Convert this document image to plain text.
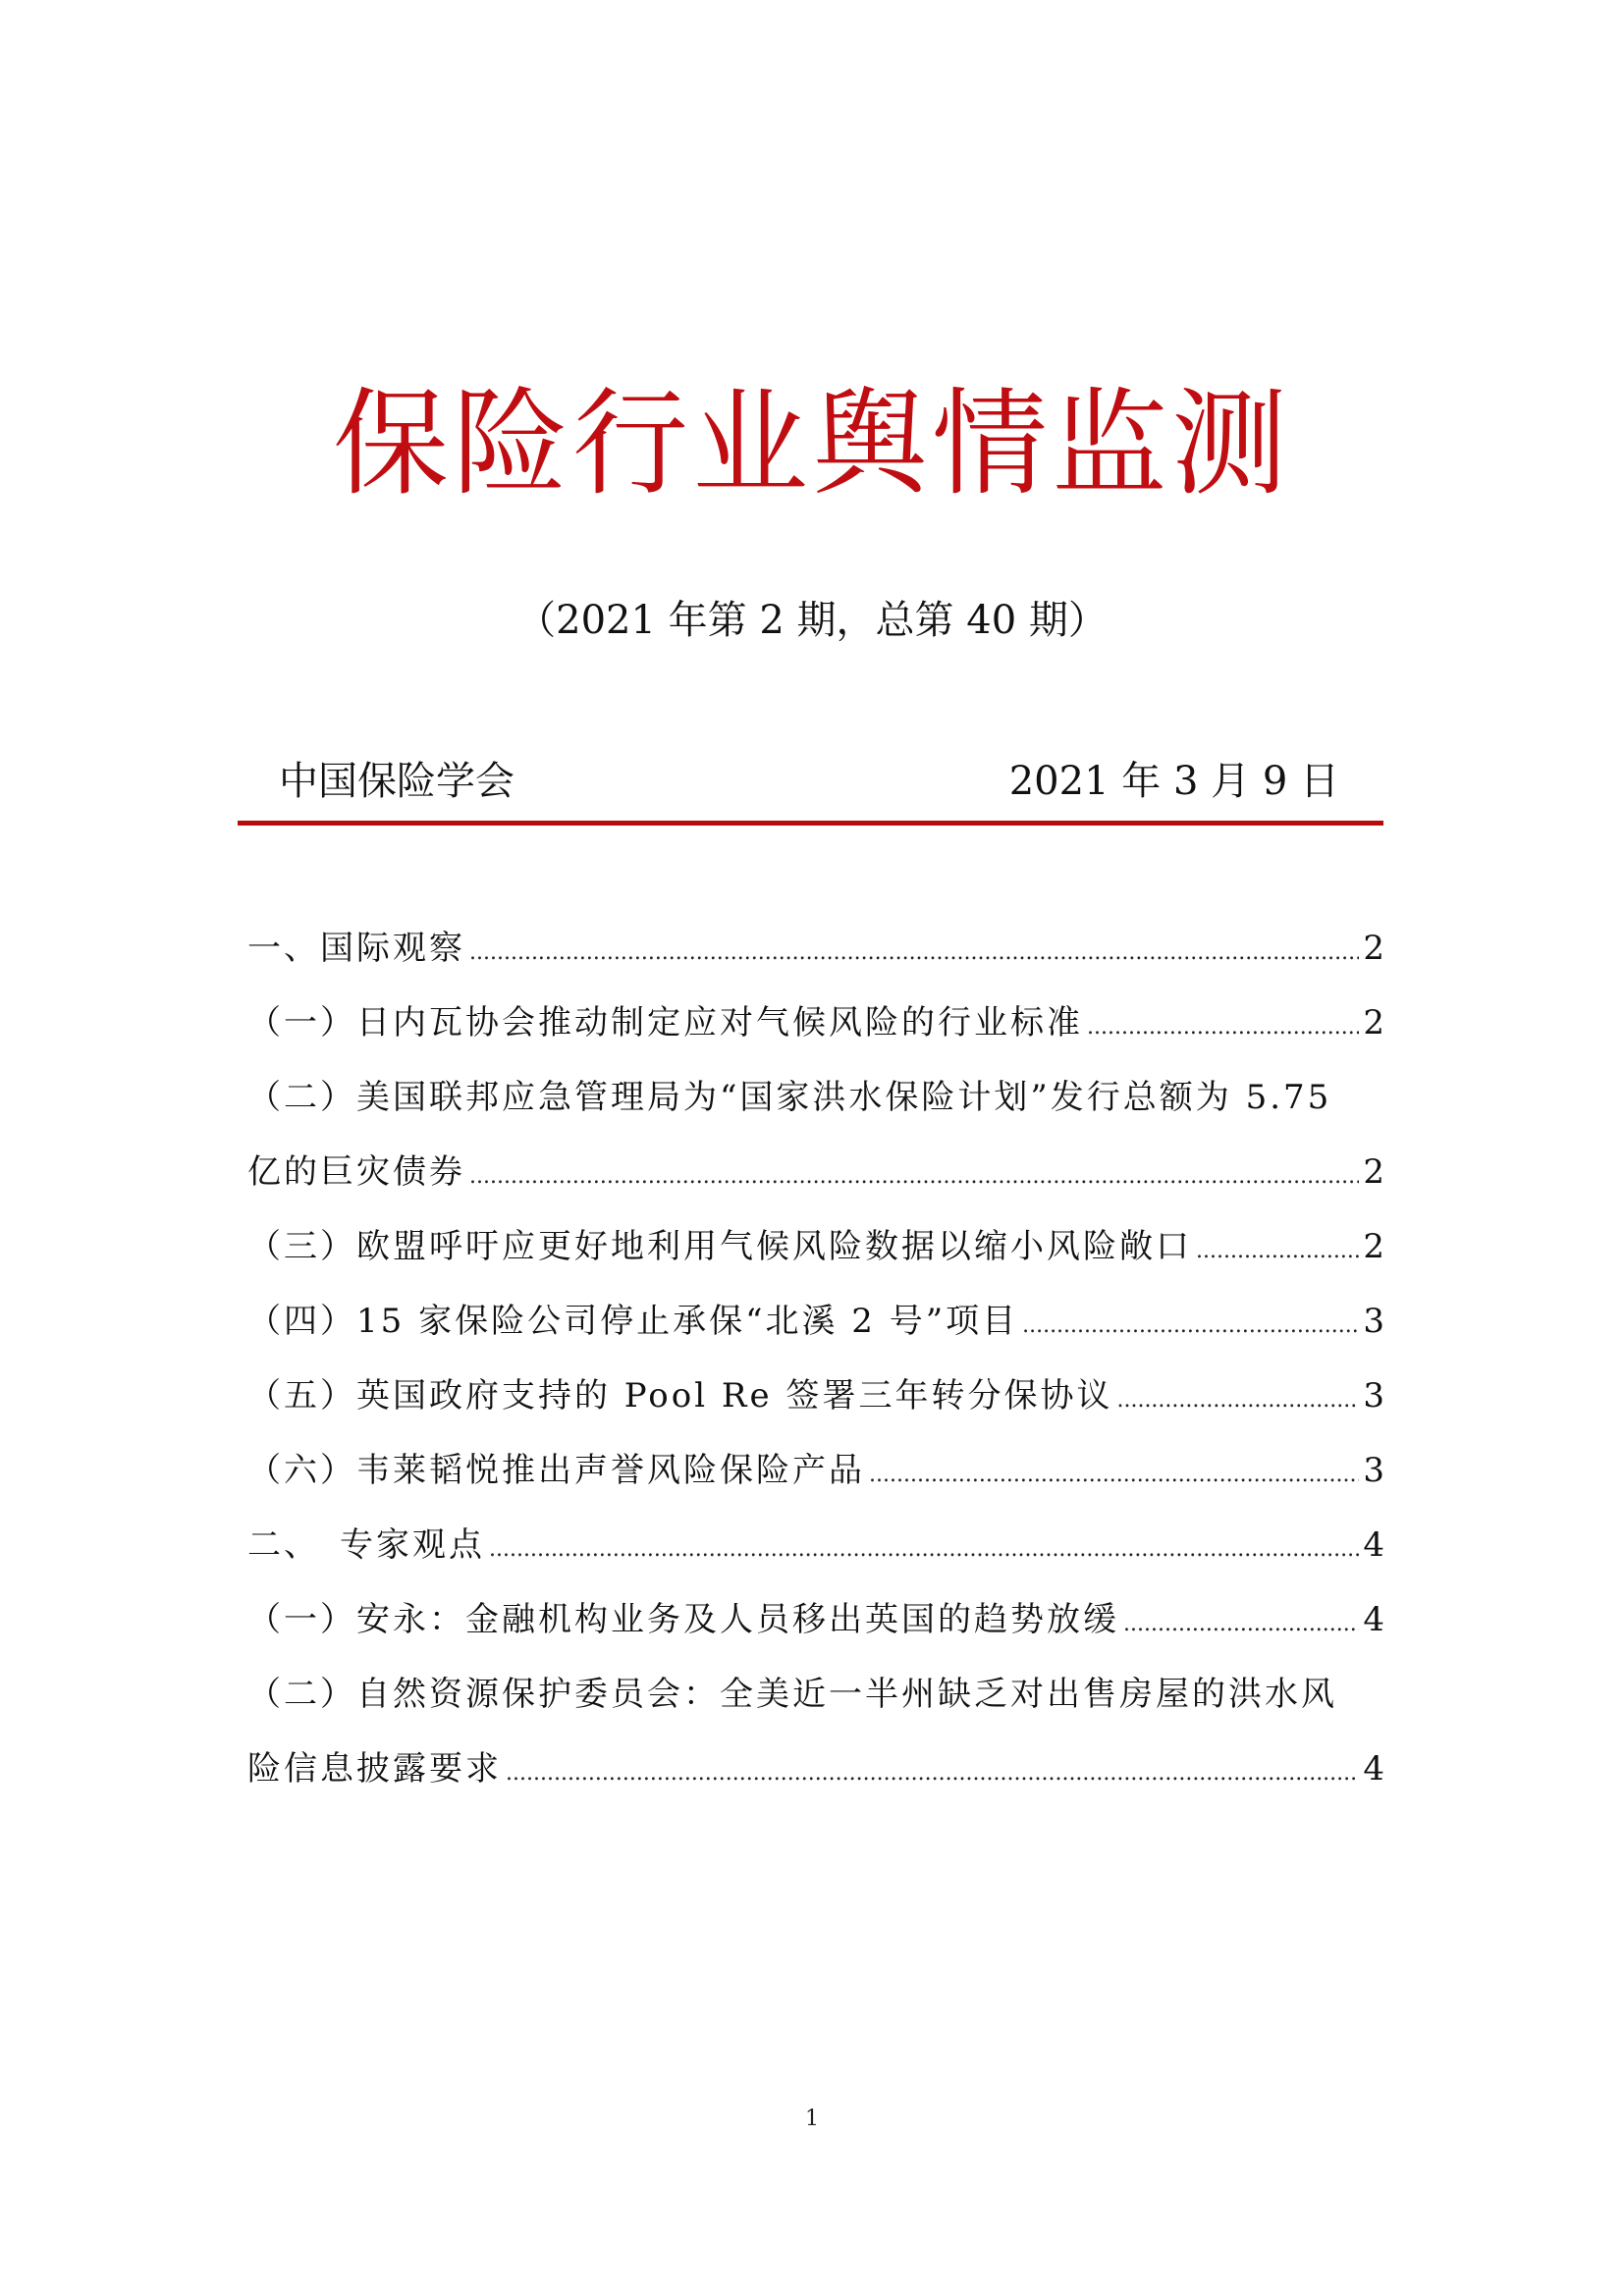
保险行业舆情监测
（2021 年第 2 期，总第 40 期）
中国保险学会	2021 年 3 月 9 日
一、国际观察 .....	2
（一）日内瓦协会推动制定应对气候风险的行业标准 .....	2
（二）美国联邦应急管理局为“国家洪水保险计划”发行总额为 5.75
亿的巨灾债券 .....	2
（三）欧盟呼吁应更好地利用气候风险数据以缩小风险敞口 .....	2
（四）15 家保险公司停止承保“北溪 2 号”项目 .....	3
（五）英国政府支持的 Pool Re 签署三年转分保协议 .....	3
（六）韦莱韬悦推出声誉风险保险产品 .....	3
二、　专家观点 .....	4
（一）安永：金融机构业务及人员移出英国的趋势放缓 .....	4
（二）自然资源保护委员会：全美近一半州缺乏对出售房屋的洪水风
险信息披露要求 .....	4
1
